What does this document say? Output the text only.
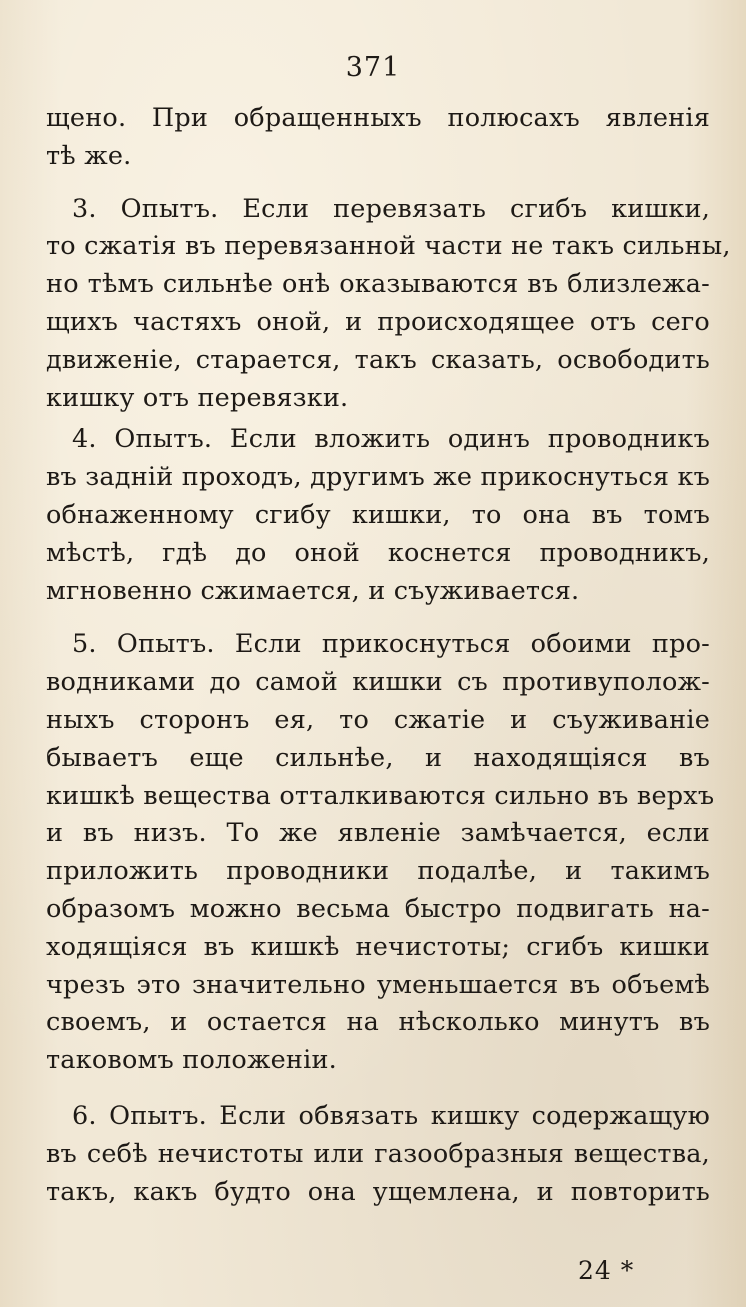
371
щено. При обращенныхъ полюсахъ явленія
тѣ же.
3. Опытъ. Если перевязать сгибъ кишки,
то сжатія въ перевязанной части не такъ сильны,
но тѣмъ сильнѣе онѣ оказываются въ близлежа-
щихъ частяхъ оной, и происходящее отъ сего
движеніе, старается, такъ сказать, освободить
кишку отъ перевязки.
4. Опытъ. Если вложить одинъ проводникъ
въ задній проходъ, другимъ же прикоснуться къ
обнаженному сгибу кишки, то она въ томъ
мѣстѣ, гдѣ до оной коснется проводникъ,
мгновенно сжимается, и съуживается.
5. Опытъ. Если прикоснуться обоими про-
водниками до самой кишки съ противуполож-
ныхъ сторонъ ея, то сжатіе и съуживаніе
бываетъ еще сильнѣе, и находящіяся въ
кишкѣ вещества отталкиваются сильно въ верхъ
и въ низъ. То же явленіе замѣчается, если
приложить проводники подалѣе, и такимъ
образомъ можно весьма быстро подвигать на-
ходящіяся въ кишкѣ нечистоты; сгибъ кишки
чрезъ это значительно уменьшается въ объемѣ
своемъ, и остается на нѣсколько минутъ въ
таковомъ положеніи.
6. Опытъ. Если обвязать кишку содержащую
въ себѣ нечистоты или газообразныя вещества,
такъ, какъ будто она ущемлена, и повторить
24 *
